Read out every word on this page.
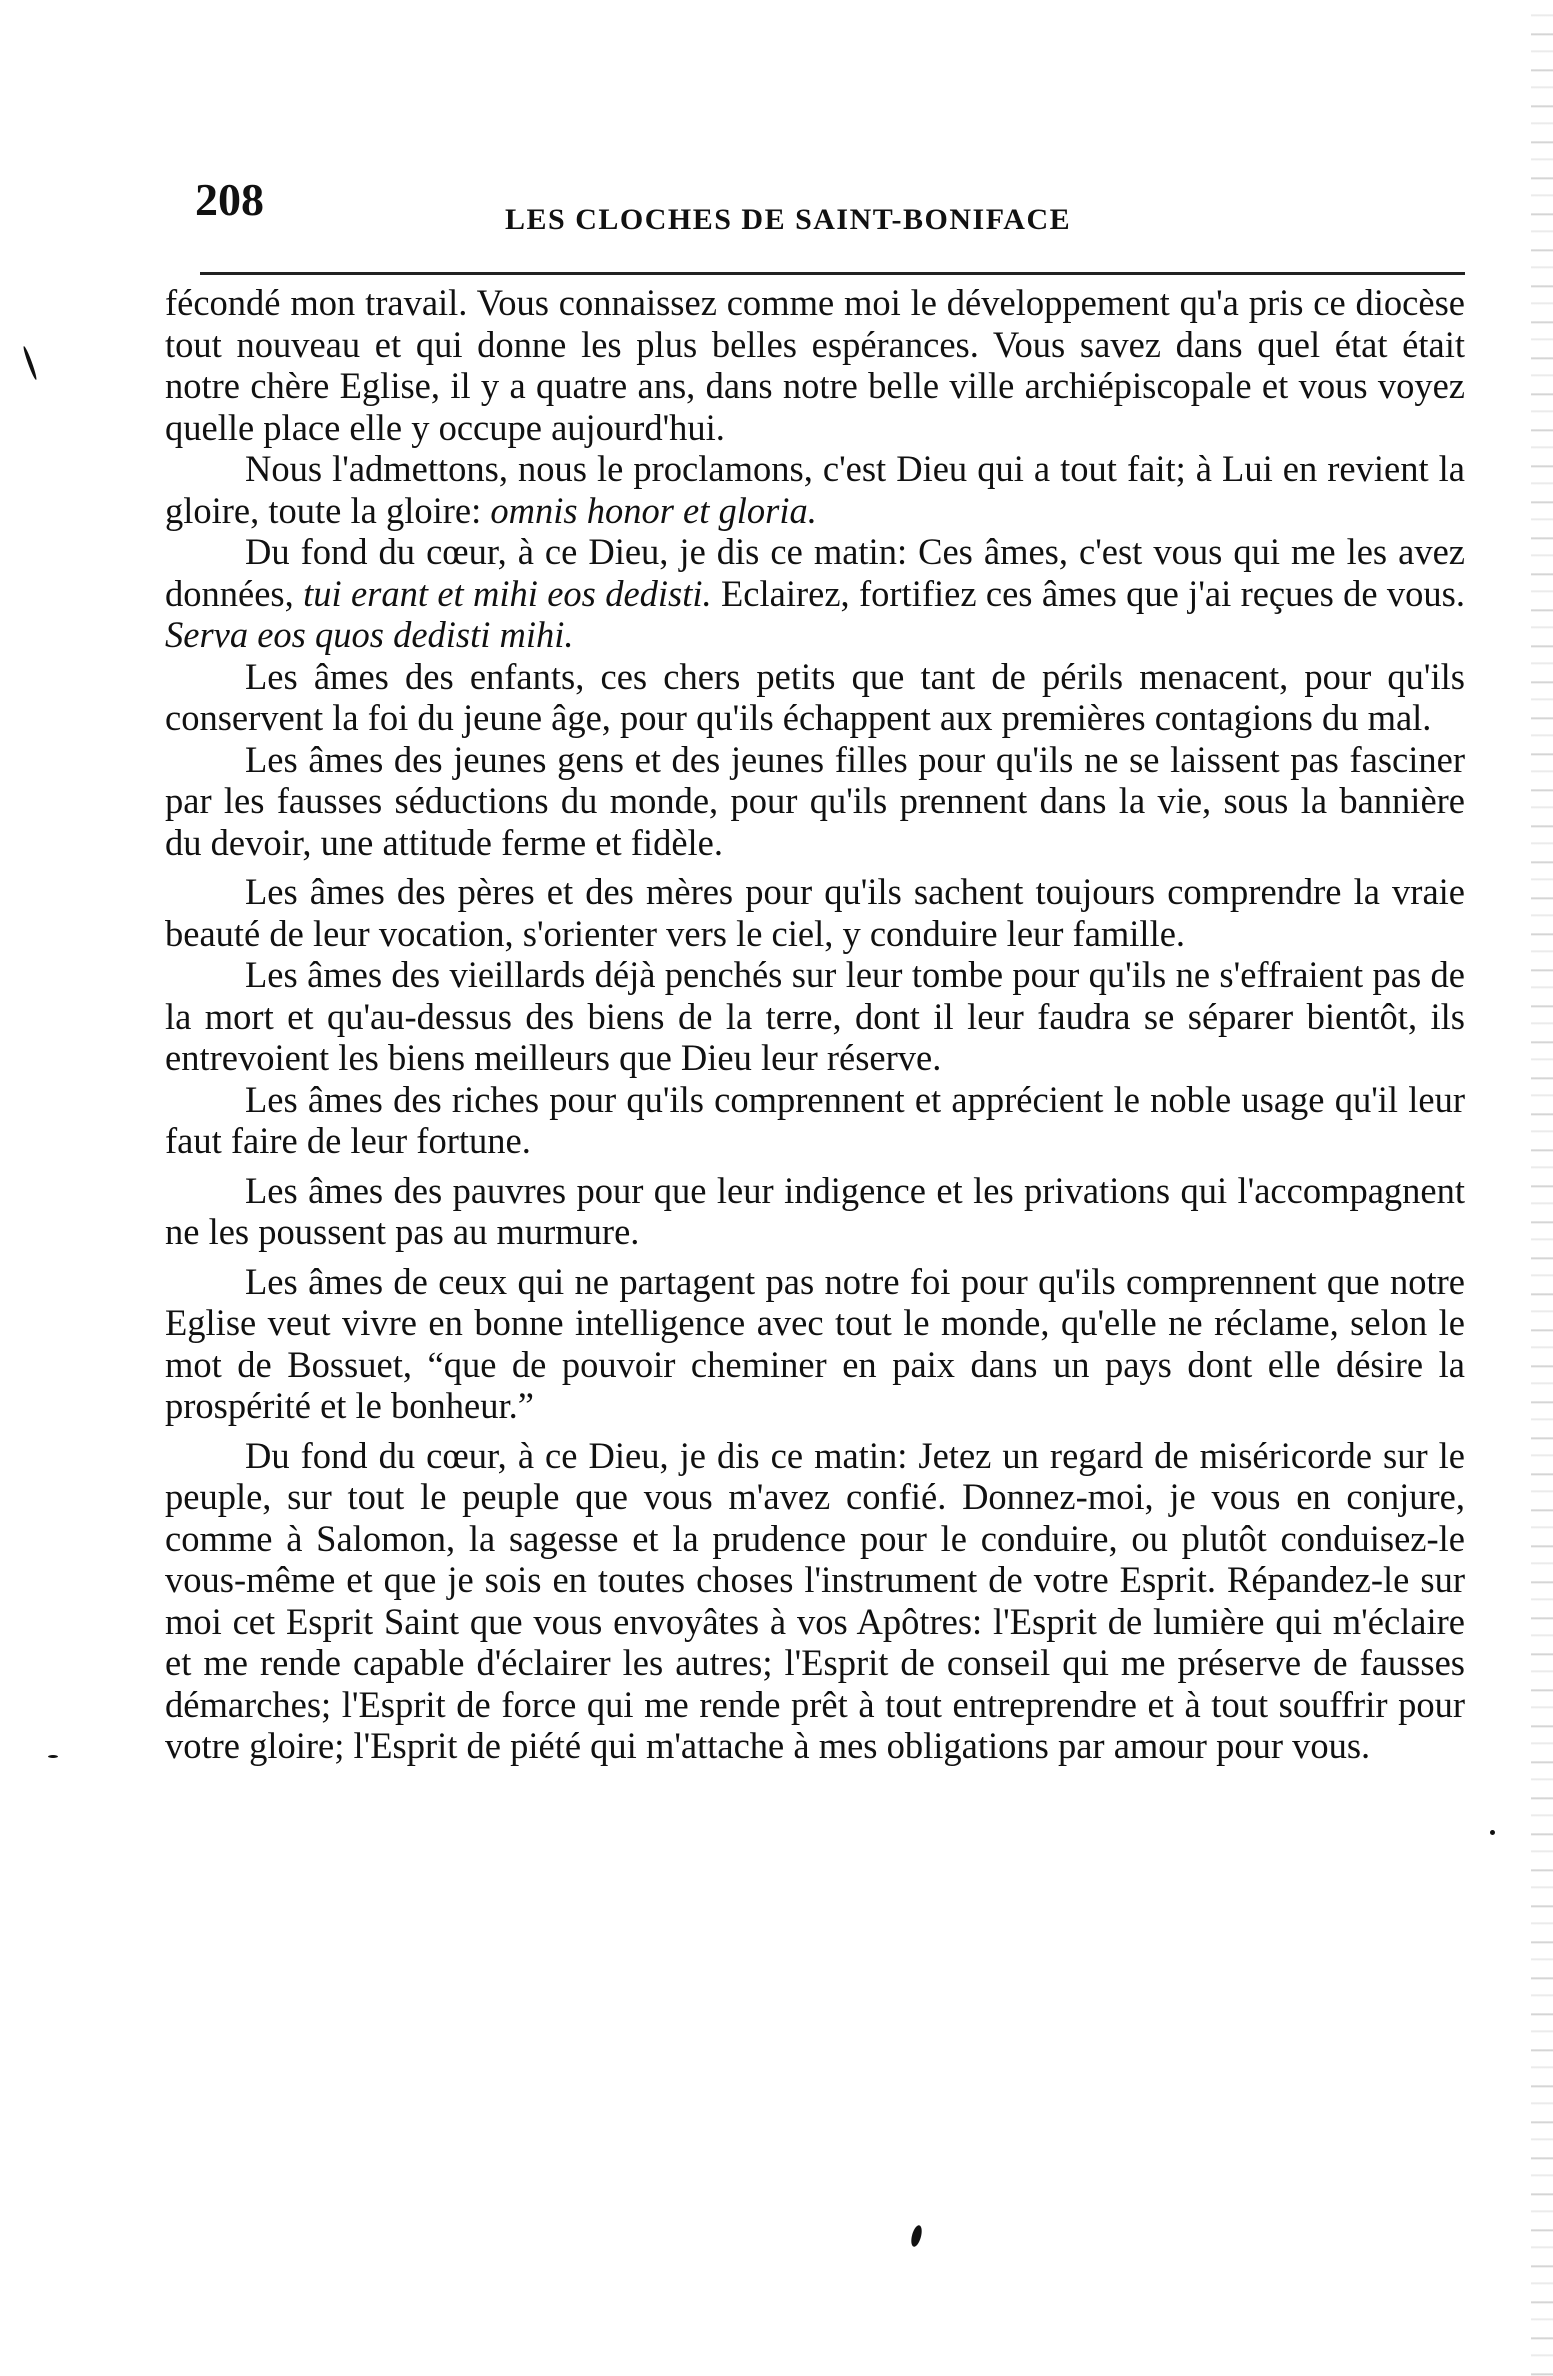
208	LES CLOCHES DE SAINT-BONIFACE

fécondé mon travail. Vous connaissez comme moi le développement qu'a pris ce diocèse tout nouveau et qui donne les plus belles espérances. Vous savez dans quel état était notre chère Eglise, il y a quatre ans, dans notre belle ville archiépiscopale et vous voyez quelle place elle y occupe aujourd'hui.

Nous l'admettons, nous le proclamons, c'est Dieu qui a tout fait; à Lui en revient la gloire, toute la gloire: omnis honor et gloria.

Du fond du cœur, à ce Dieu, je dis ce matin: Ces âmes, c'est vous qui me les avez données, tui erant et mihi eos dedisti. Eclairez, fortifiez ces âmes que j'ai reçues de vous. Serva eos quos dedisti mihi.

Les âmes des enfants, ces chers petits que tant de périls menacent, pour qu'ils conservent la foi du jeune âge, pour qu'ils échappent aux premières contagions du mal.

Les âmes des jeunes gens et des jeunes filles pour qu'ils ne se laissent pas fasciner par les fausses séductions du monde, pour qu'ils prennent dans la vie, sous la bannière du devoir, une attitude ferme et fidèle.

Les âmes des pères et des mères pour qu'ils sachent toujours comprendre la vraie beauté de leur vocation, s'orienter vers le ciel, y conduire leur famille.

Les âmes des vieillards déjà penchés sur leur tombe pour qu'ils ne s'effraient pas de la mort et qu'au-dessus des biens de la terre, dont il leur faudra se séparer bientôt, ils entrevoient les biens meilleurs que Dieu leur réserve.

Les âmes des riches pour qu'ils comprennent et apprécient le noble usage qu'il leur faut faire de leur fortune.

Les âmes des pauvres pour que leur indigence et les privations qui l'accompagnent ne les poussent pas au murmure.

Les âmes de ceux qui ne partagent pas notre foi pour qu'ils comprennent que notre Eglise veut vivre en bonne intelligence avec tout le monde, qu'elle ne réclame, selon le mot de Bossuet, “que de pouvoir cheminer en paix dans un pays dont elle désire la prospérité et le bonheur.”

Du fond du cœur, à ce Dieu, je dis ce matin: Jetez un regard de miséricorde sur le peuple, sur tout le peuple que vous m'avez confié. Donnez-moi, je vous en conjure, comme à Salomon, la sagesse et la prudence pour le conduire, ou plutôt conduisez-le vous-même et que je sois en toutes choses l'instrument de votre Esprit. Répandez-le sur moi cet Esprit Saint que vous envoyâtes à vos Apôtres: l'Esprit de lumière qui m'éclaire et me rende capable d'éclairer les autres; l'Esprit de conseil qui me préserve de fausses démarches; l'Esprit de force qui me rende prêt à tout entreprendre et à tout souffrir pour votre gloire; l'Esprit de piété qui m'attache à mes obligations par amour pour vous.
